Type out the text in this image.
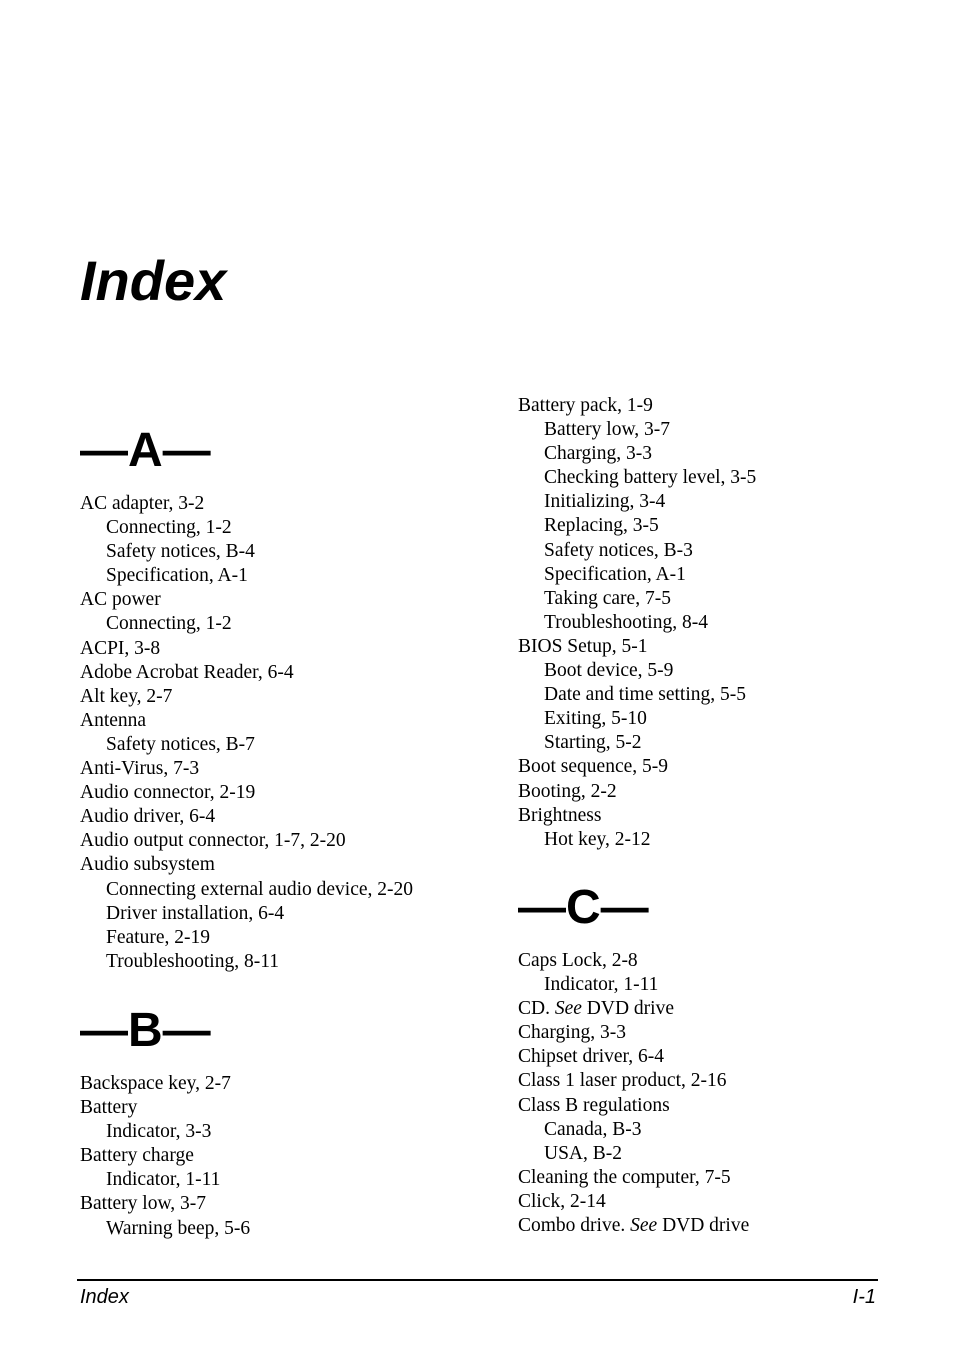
Index
—A—
AC adapter, 3-2
Connecting, 1-2
Safety notices, B-4
Specification, A-1
AC power
Connecting, 1-2
ACPI, 3-8
Adobe Acrobat Reader, 6-4
Alt key, 2-7
Antenna
Safety notices, B-7
Anti-Virus, 7-3
Audio connector, 2-19
Audio driver, 6-4
Audio output connector, 1-7, 2-20
Audio subsystem
Connecting external audio device, 2-20
Driver installation, 6-4
Feature, 2-19
Troubleshooting, 8-11
—B—
Backspace key, 2-7
Battery
Indicator, 3-3
Battery charge
Indicator, 1-11
Battery low, 3-7
Warning beep, 5-6
Battery pack, 1-9
Battery low, 3-7
Charging, 3-3
Checking battery level, 3-5
Initializing, 3-4
Replacing, 3-5
Safety notices, B-3
Specification, A-1
Taking care, 7-5
Troubleshooting, 8-4
BIOS Setup, 5-1
Boot device, 5-9
Date and time setting, 5-5
Exiting, 5-10
Starting, 5-2
Boot sequence, 5-9
Booting, 2-2
Brightness
Hot key, 2-12
—C—
Caps Lock, 2-8
Indicator, 1-11
CD. See DVD drive
Charging, 3-3
Chipset driver, 6-4
Class 1 laser product, 2-16
Class B regulations
Canada, B-3
USA, B-2
Cleaning the computer, 7-5
Click, 2-14
Combo drive. See DVD drive
Index	I-1
